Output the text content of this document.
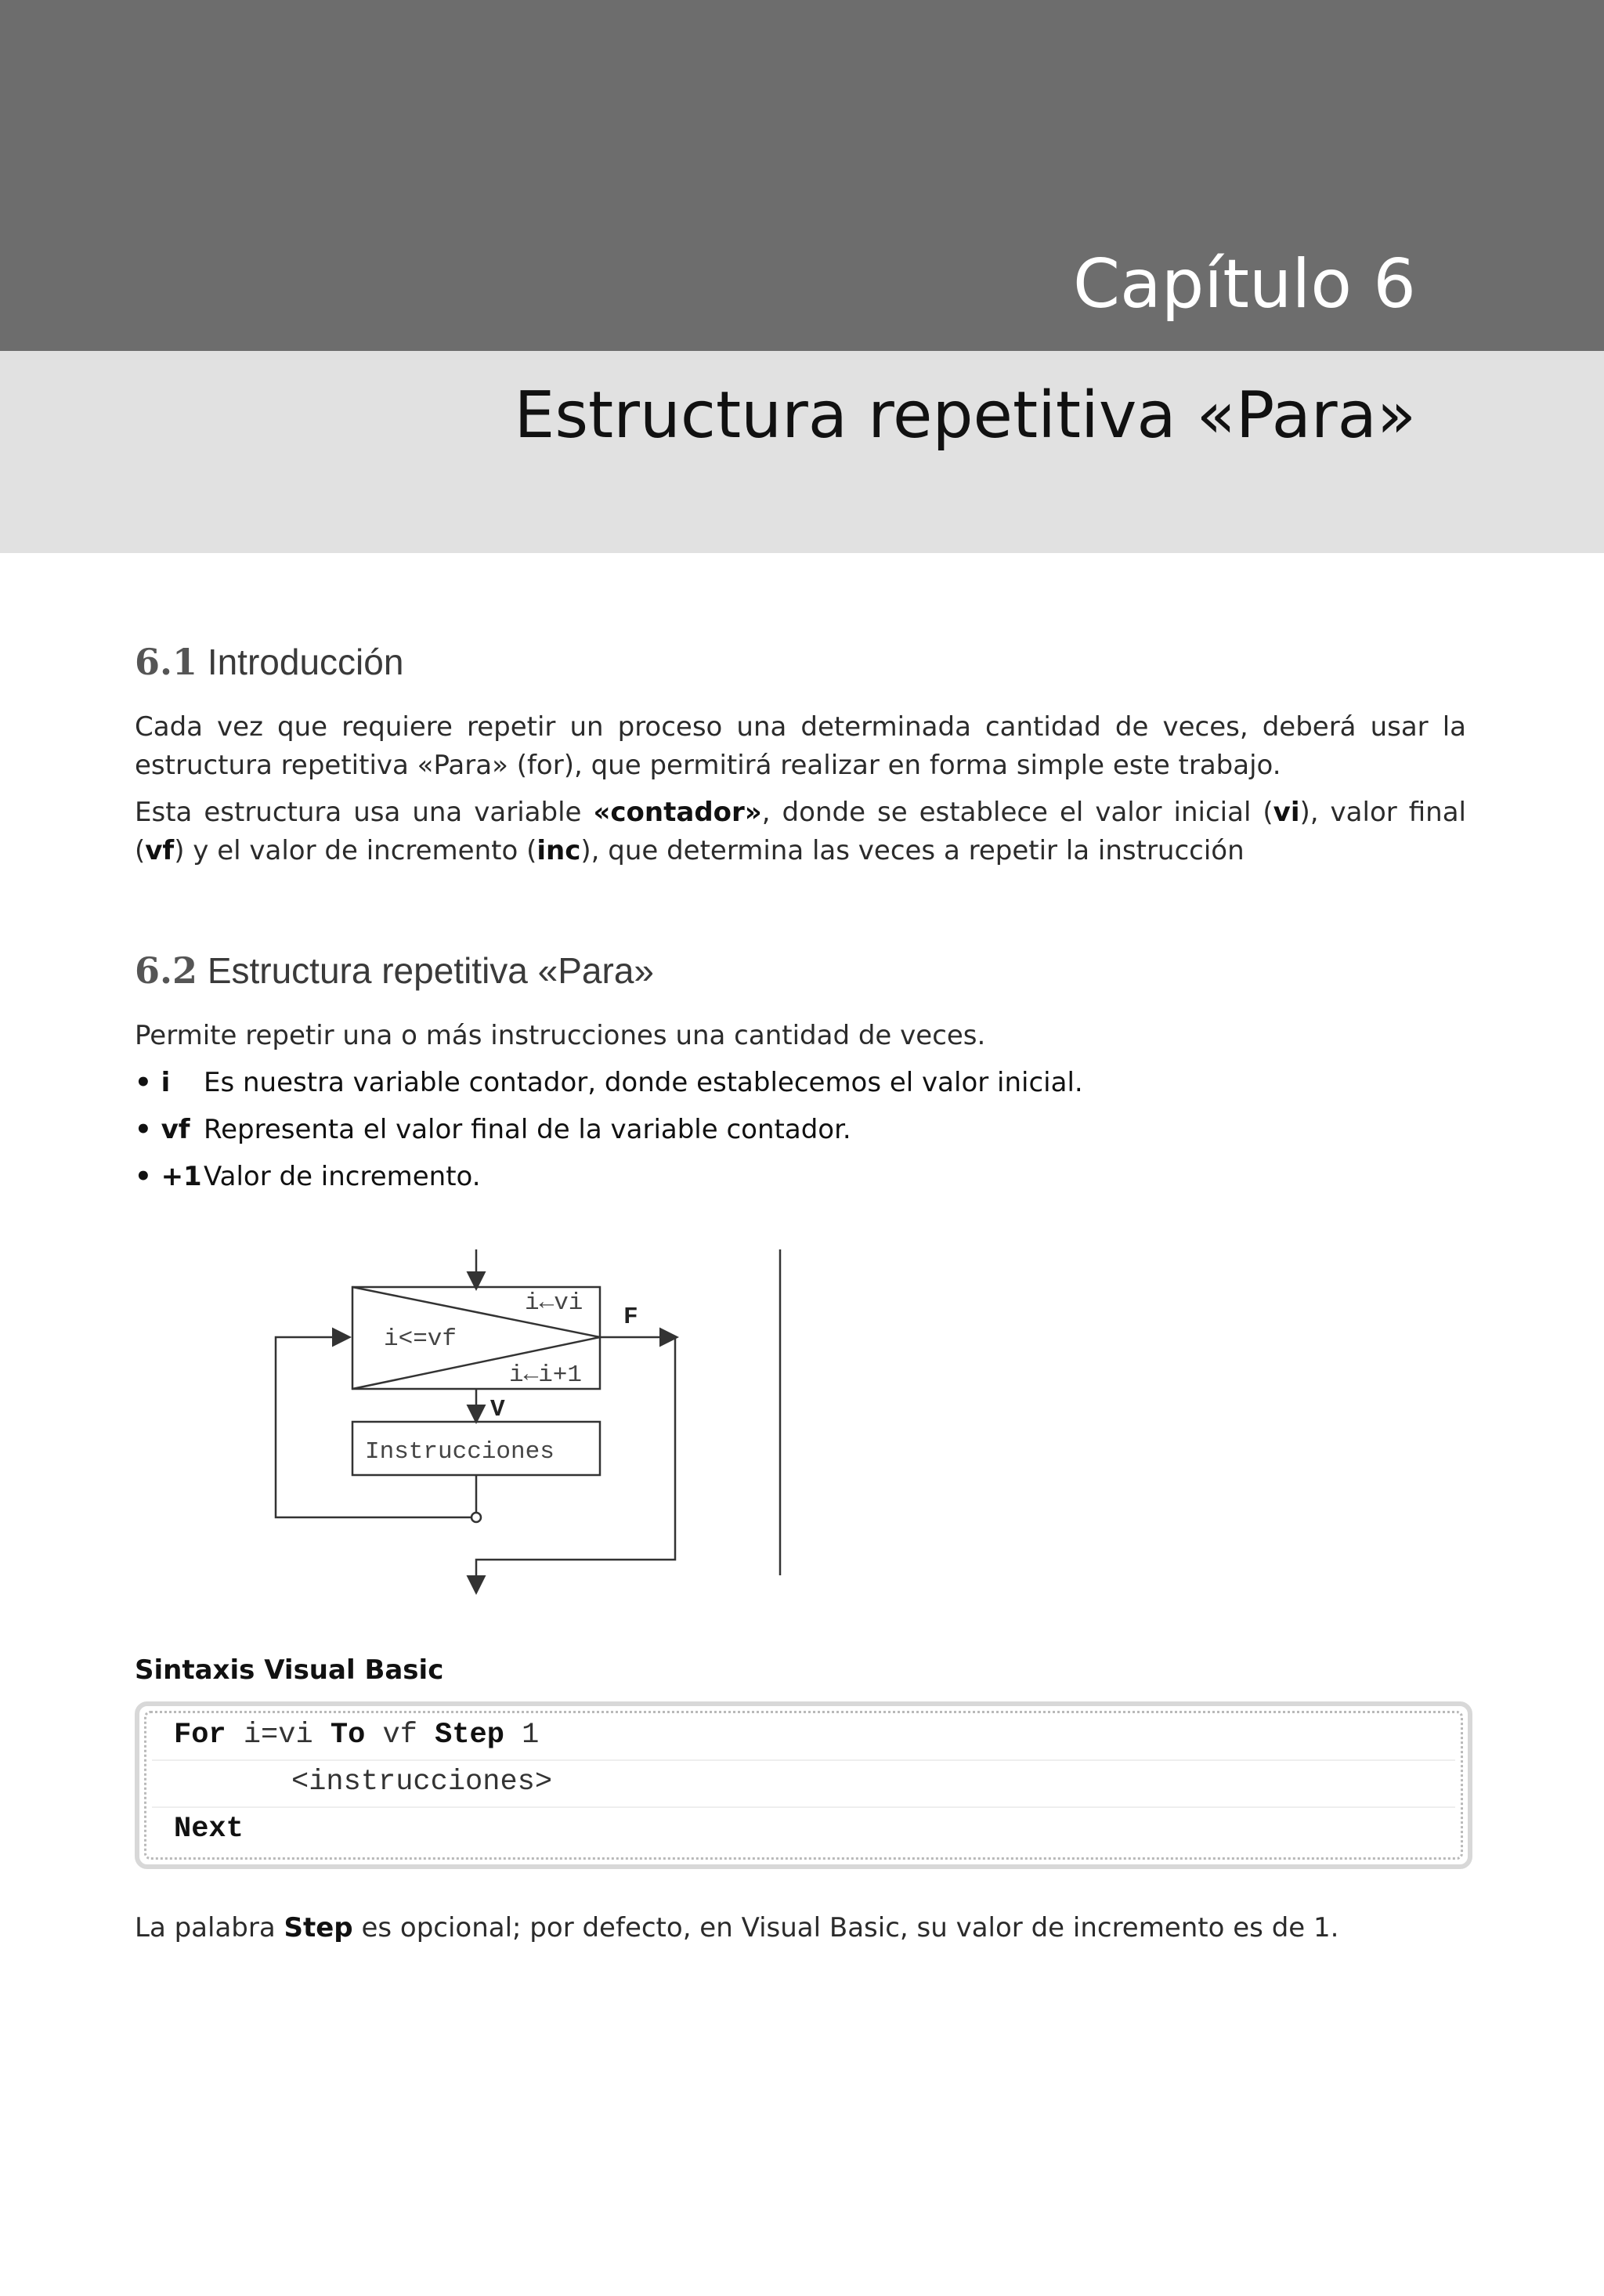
Capítulo 6
Estructura repetitiva «Para»
6.1 Introducción
Cada vez que requiere repetir un proceso una determinada cantidad de veces, deberá usar la estructura repetitiva «Para» (for), que permitirá realizar en forma simple este trabajo.
Esta estructura usa una variable «contador», donde se establece el valor inicial (vi), valor final (vf) y el valor de incremento (inc), que determina las veces a repetir la instrucción
6.2 Estructura repetitiva «Para»
Permite repetir una o más instrucciones una cantidad de veces.
• i Es nuestra variable contador, donde establecemos el valor inicial.
• vf Representa el valor final de la variable contador.
• +1Valor de incremento.
i←vi
i<=vf
i←i+1
Instrucciones
F
V
Sintaxis Visual Basic
For i=vi To vf Step 1
<instrucciones>
Next
La palabra Step es opcional; por defecto, en Visual Basic, su valor de incremento es de 1.
